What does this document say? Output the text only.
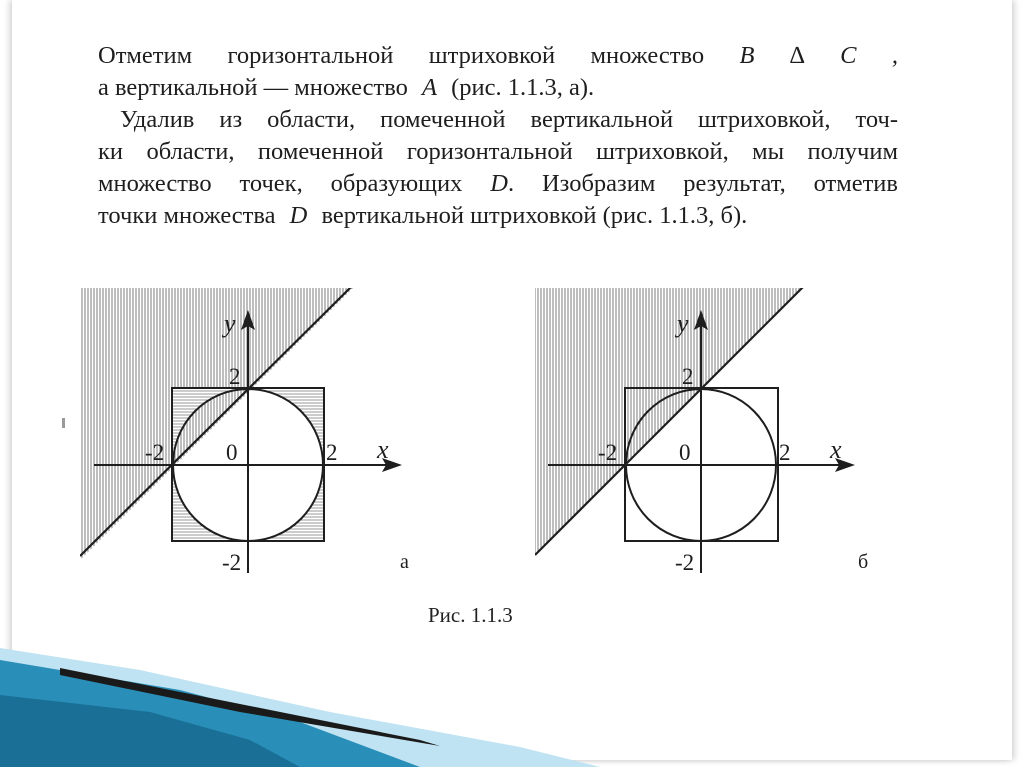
Отметим горизонтальной штриховкой множество B ∆ C ,
а вертикальной — множество A (рис. 1.1.3, а).
Удалив из области, помеченной вертикальной штриховкой, точ-
ки области, помеченной горизонтальной штриховкой, мы получим
множество точек, образующих D. Изобразим результат, отметив
точки множества D вертикальной штриховкой (рис. 1.1.3, б).
y
x
2
-2	0	2
-2	а
y
x
2
-2	0	2
-2	б
Рис. 1.1.3
